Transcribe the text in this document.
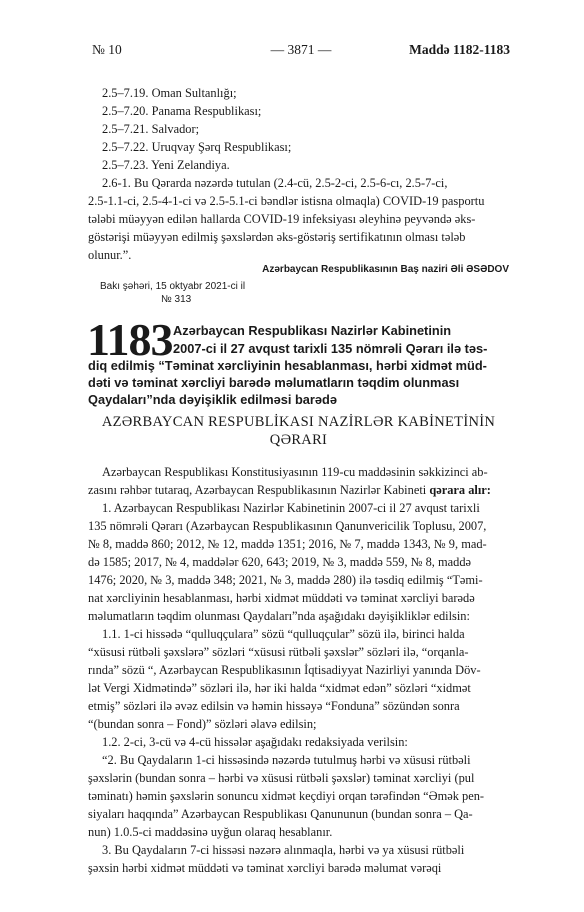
№ 10	— 3871 —	Maddə 1182-1183
2.5–7.19. Oman Sultanlığı;
2.5–7.20. Panama Respublikası;
2.5–7.21. Salvador;
2.5–7.22. Uruqvay Şərq Respublikası;
2.5–7.23. Yeni Zelandiya.
2.6-1. Bu Qərarda nəzərdə tutulan (2.4-cü, 2.5-2-ci, 2.5-6-cı, 2.5-7-ci,
2.5-1.1-ci, 2.5-4-1-ci və 2.5-5.1-ci bəndlər istisna olmaqla) COVID-19 pasportu
tələbi müəyyən edilən hallarda COVID-19 infeksiyası əleyhinə peyvəndə əks-
göstərişi müəyyən edilmiş şəxslərdən əks-göstəriş sertifikatının olması tələb
olunur.”.
Azərbaycan Respublikasının Baş naziri Əli ƏSƏDOV
Bakı şəhəri, 15 oktyabr 2021-ci il
№ 313
1183 Azərbaycan Respublikası Nazirlər Kabinetinin
2007-ci il 27 avqust tarixli 135 nömrəli Qərarı ilə təs-
diq edilmiş “Təminat xərcliyinin hesablanması, hərbi xidmət müd-
dəti və təminat xərcliyi barədə məlumatların təqdim olunması
Qaydaları”nda dəyişiklik edilməsi barədə
AZƏRBAYCAN RESPUBLİKASI NAZİRLƏR KABİNETİNİN
QƏRARI
Azərbaycan Respublikası Konstitusiyasının 119-cu maddəsinin səkkizinci ab-
zasını rəhbər tutaraq, Azərbaycan Respublikasının Nazirlər Kabineti qərara alır:
1. Azərbaycan Respublikası Nazirlər Kabinetinin 2007-ci il 27 avqust tarixli
135 nömrəli Qərarı (Azərbaycan Respublikasının Qanunvericilik Toplusu, 2007,
№ 8, maddə 860; 2012, № 12, maddə 1351; 2016, № 7, maddə 1343, № 9, mad-
də 1585; 2017, № 4, maddələr 620, 643; 2019, № 3, maddə 559, № 8, maddə
1476; 2020, № 3, maddə 348; 2021, № 3, maddə 280) ilə təsdiq edilmiş “Təmi-
nat xərcliyinin hesablanması, hərbi xidmət müddəti və təminat xərcliyi barədə
məlumatların təqdim olunması Qaydaları”nda aşağıdakı dəyişikliklər edilsin:
1.1. 1-ci hissədə “qulluqçulara” sözü “qulluqçular” sözü ilə, birinci halda
“xüsusi rütbəli şəxslərə” sözləri “xüsusi rütbəli şəxslər” sözləri ilə, “orqanla-
rında” sözü “, Azərbaycan Respublikasının İqtisadiyyat Nazirliyi yanında Döv-
lət Vergi Xidmətində” sözləri ilə, hər iki halda “xidmət edən” sözləri “xidmət
etmiş” sözləri ilə əvəz edilsin və həmin hissəyə “Fonduna” sözündən sonra
“(bundan sonra – Fond)” sözləri əlavə edilsin;
1.2. 2-ci, 3-cü və 4-cü hissələr aşağıdakı redaksiyada verilsin:
“2. Bu Qaydaların 1-ci hissəsində nəzərdə tutulmuş hərbi və xüsusi rütbəli
şəxslərin (bundan sonra – hərbi və xüsusi rütbəli şəxslər) təminat xərcliyi (pul
təminatı) həmin şəxslərin sonuncu xidmət keçdiyi orqan tərəfindən “Əmək pen-
siyaları haqqında” Azərbaycan Respublikası Qanununun (bundan sonra – Qa-
nun) 1.0.5-ci maddəsinə uyğun olaraq hesablanır.
3. Bu Qaydaların 7-ci hissəsi nəzərə alınmaqla, hərbi və ya xüsusi rütbəli
şəxsin hərbi xidmət müddəti və təminat xərcliyi barədə məlumat vərəqi
